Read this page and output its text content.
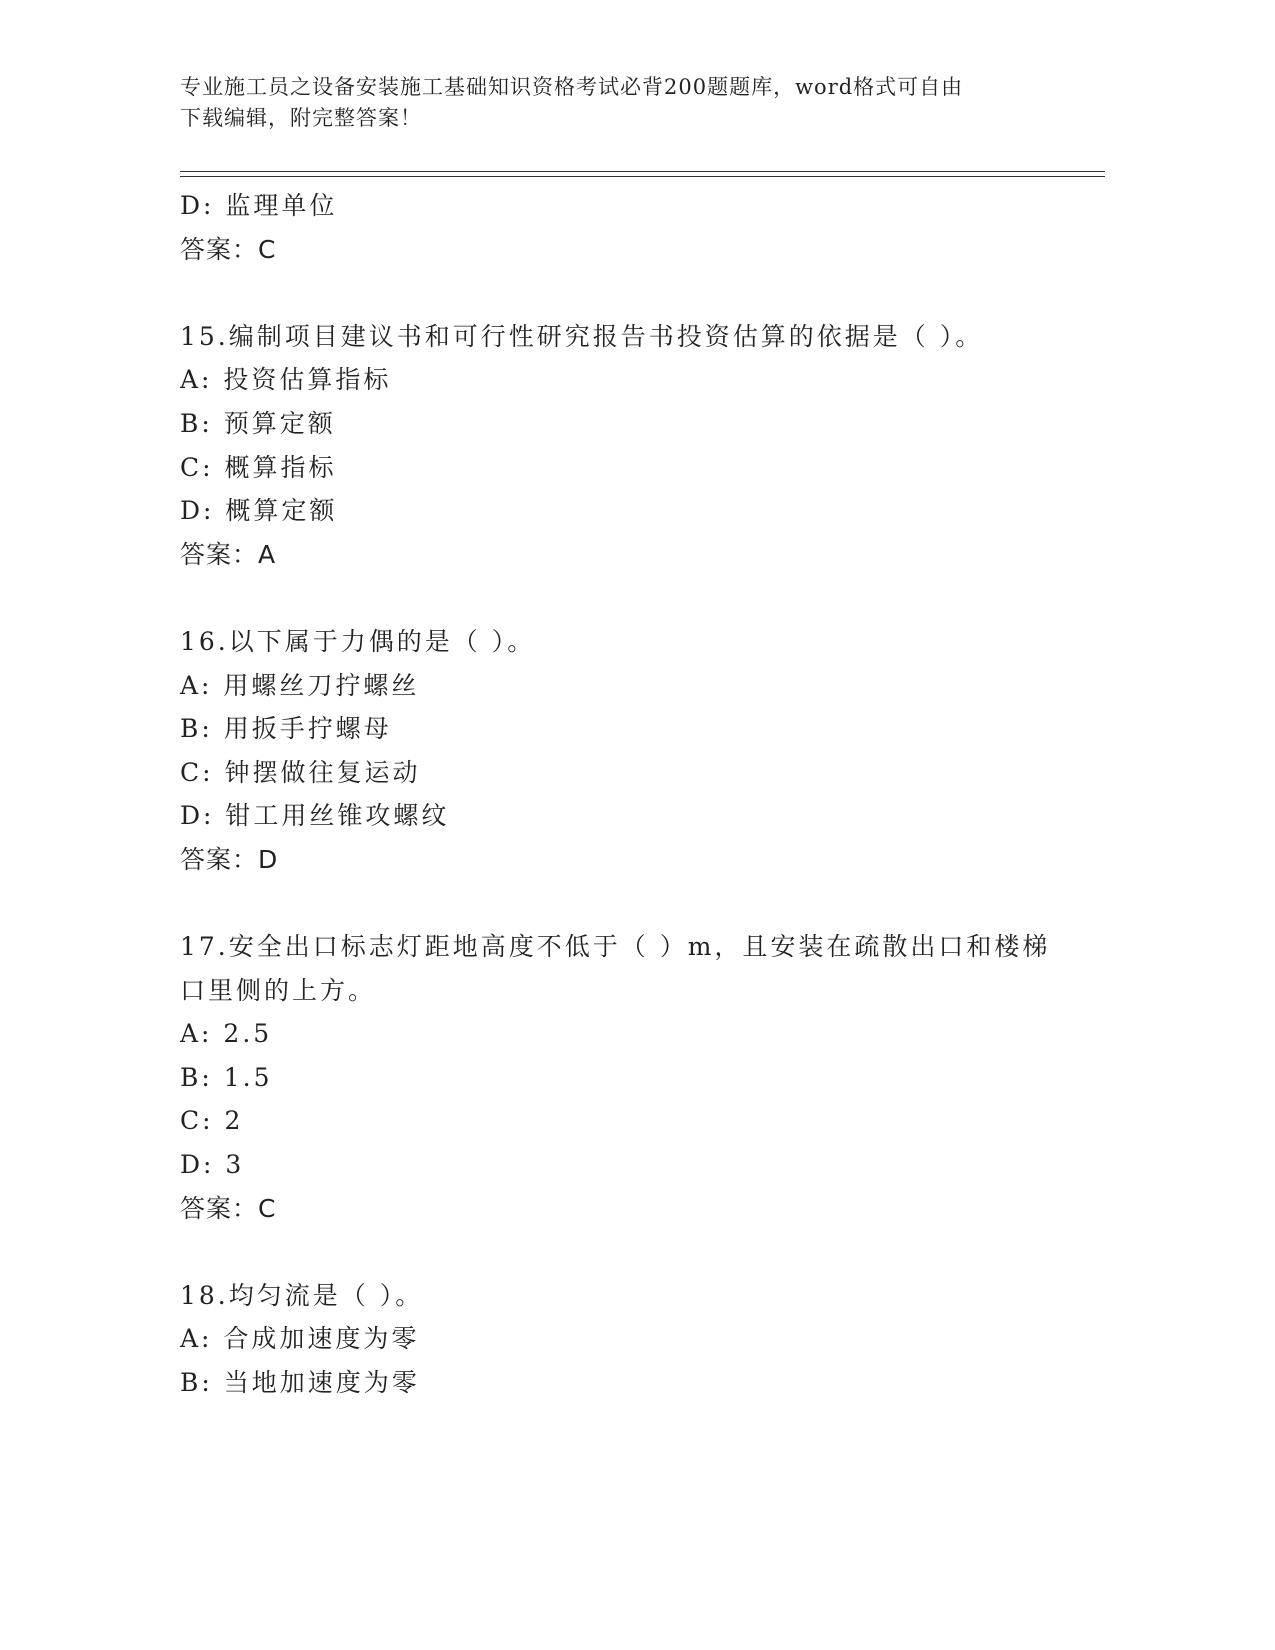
专业施工员之设备安装施工基础知识资格考试必背200题题库，word格式可自由
下载编辑，附完整答案！
D: 监理单位
答案：C
15.编制项目建议书和可行性研究报告书投资估算的依据是（ ）。
A: 投资估算指标
B: 预算定额
C: 概算指标
D: 概算定额
答案：A
16.以下属于力偶的是（ ）。
A: 用螺丝刀拧螺丝
B: 用扳手拧螺母
C: 钟摆做往复运动
D: 钳工用丝锥攻螺纹
答案：D
17.安全出口标志灯距地高度不低于（ ）m，且安装在疏散出口和楼梯
口里侧的上方。
A: 2.5
B: 1.5
C: 2
D: 3
答案：C
18.均匀流是（ ）。
A: 合成加速度为零
B: 当地加速度为零
